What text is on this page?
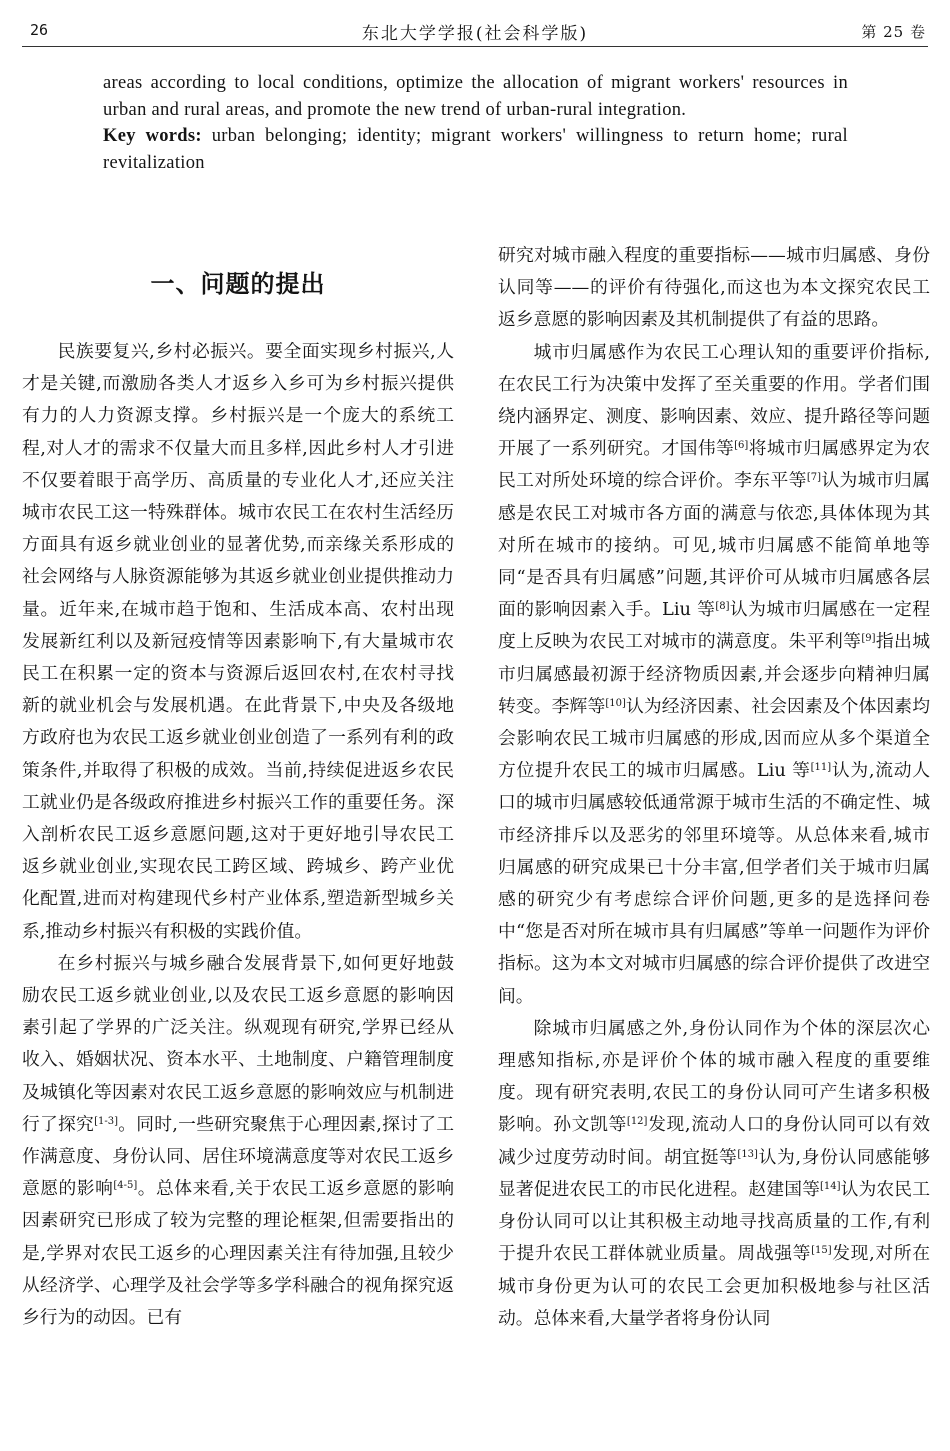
26	东北大学学报(社会科学版)	第 25 卷

areas according to local conditions, optimize the allocation of migrant workers' resources in urban and rural areas, and promote the new trend of urban-rural integration.

Key words: urban belonging; identity; migrant workers' willingness to return home; rural revitalization

一、问题的提出

民族要复兴,乡村必振兴。要全面实现乡村振兴,人才是关键,而激励各类人才返乡入乡可为乡村振兴提供有力的人力资源支撑。乡村振兴是一个庞大的系统工程,对人才的需求不仅量大而且多样,因此乡村人才引进不仅要着眼于高学历、高质量的专业化人才,还应关注城市农民工这一特殊群体。城市农民工在农村生活经历方面具有返乡就业创业的显著优势,而亲缘关系形成的社会网络与人脉资源能够为其返乡就业创业提供推动力量。近年来,在城市趋于饱和、生活成本高、农村出现发展新红利以及新冠疫情等因素影响下,有大量城市农民工在积累一定的资本与资源后返回农村,在农村寻找新的就业机会与发展机遇。在此背景下,中央及各级地方政府也为农民工返乡就业创业创造了一系列有利的政策条件,并取得了积极的成效。当前,持续促进返乡农民工就业仍是各级政府推进乡村振兴工作的重要任务。深入剖析农民工返乡意愿问题,这对于更好地引导农民工返乡就业创业,实现农民工跨区域、跨城乡、跨产业优化配置,进而对构建现代乡村产业体系,塑造新型城乡关系,推动乡村振兴有积极的实践价值。

在乡村振兴与城乡融合发展背景下,如何更好地鼓励农民工返乡就业创业,以及农民工返乡意愿的影响因素引起了学界的广泛关注。纵观现有研究,学界已经从收入、婚姻状况、资本水平、土地制度、户籍管理制度及城镇化等因素对农民工返乡意愿的影响效应与机制进行了探究[1-3]。同时,一些研究聚焦于心理因素,探讨了工作满意度、身份认同、居住环境满意度等对农民工返乡意愿的影响[4-5]。总体来看,关于农民工返乡意愿的影响因素研究已形成了较为完整的理论框架,但需要指出的是,学界对农民工返乡的心理因素关注有待加强,且较少从经济学、心理学及社会学等多学科融合的视角探究返乡行为的动因。已有

研究对城市融入程度的重要指标——城市归属感、身份认同等——的评价有待强化,而这也为本文探究农民工返乡意愿的影响因素及其机制提供了有益的思路。

城市归属感作为农民工心理认知的重要评价指标,在农民工行为决策中发挥了至关重要的作用。学者们围绕内涵界定、测度、影响因素、效应、提升路径等问题开展了一系列研究。才国伟等[6]将城市归属感界定为农民工对所处环境的综合评价。李东平等[7]认为城市归属感是农民工对城市各方面的满意与依恋,具体体现为其对所在城市的接纳。可见,城市归属感不能简单地等同“是否具有归属感”问题,其评价可从城市归属感各层面的影响因素入手。Liu 等[8]认为城市归属感在一定程度上反映为农民工对城市的满意度。朱平利等[9]指出城市归属感最初源于经济物质因素,并会逐步向精神归属转变。李辉等[10]认为经济因素、社会因素及个体因素均会影响农民工城市归属感的形成,因而应从多个渠道全方位提升农民工的城市归属感。Liu 等[11]认为,流动人口的城市归属感较低通常源于城市生活的不确定性、城市经济排斥以及恶劣的邻里环境等。从总体来看,城市归属感的研究成果已十分丰富,但学者们关于城市归属感的研究少有考虑综合评价问题,更多的是选择问卷中“您是否对所在城市具有归属感”等单一问题作为评价指标。这为本文对城市归属感的综合评价提供了改进空间。

除城市归属感之外,身份认同作为个体的深层次心理感知指标,亦是评价个体的城市融入程度的重要维度。现有研究表明,农民工的身份认同可产生诸多积极影响。孙文凯等[12]发现,流动人口的身份认同可以有效减少过度劳动时间。胡宜挺等[13]认为,身份认同感能够显著促进农民工的市民化进程。赵建国等[14]认为农民工身份认同可以让其积极主动地寻找高质量的工作,有利于提升农民工群体就业质量。周战强等[15]发现,对所在城市身份更为认可的农民工会更加积极地参与社区活动。总体来看,大量学者将身份认同
